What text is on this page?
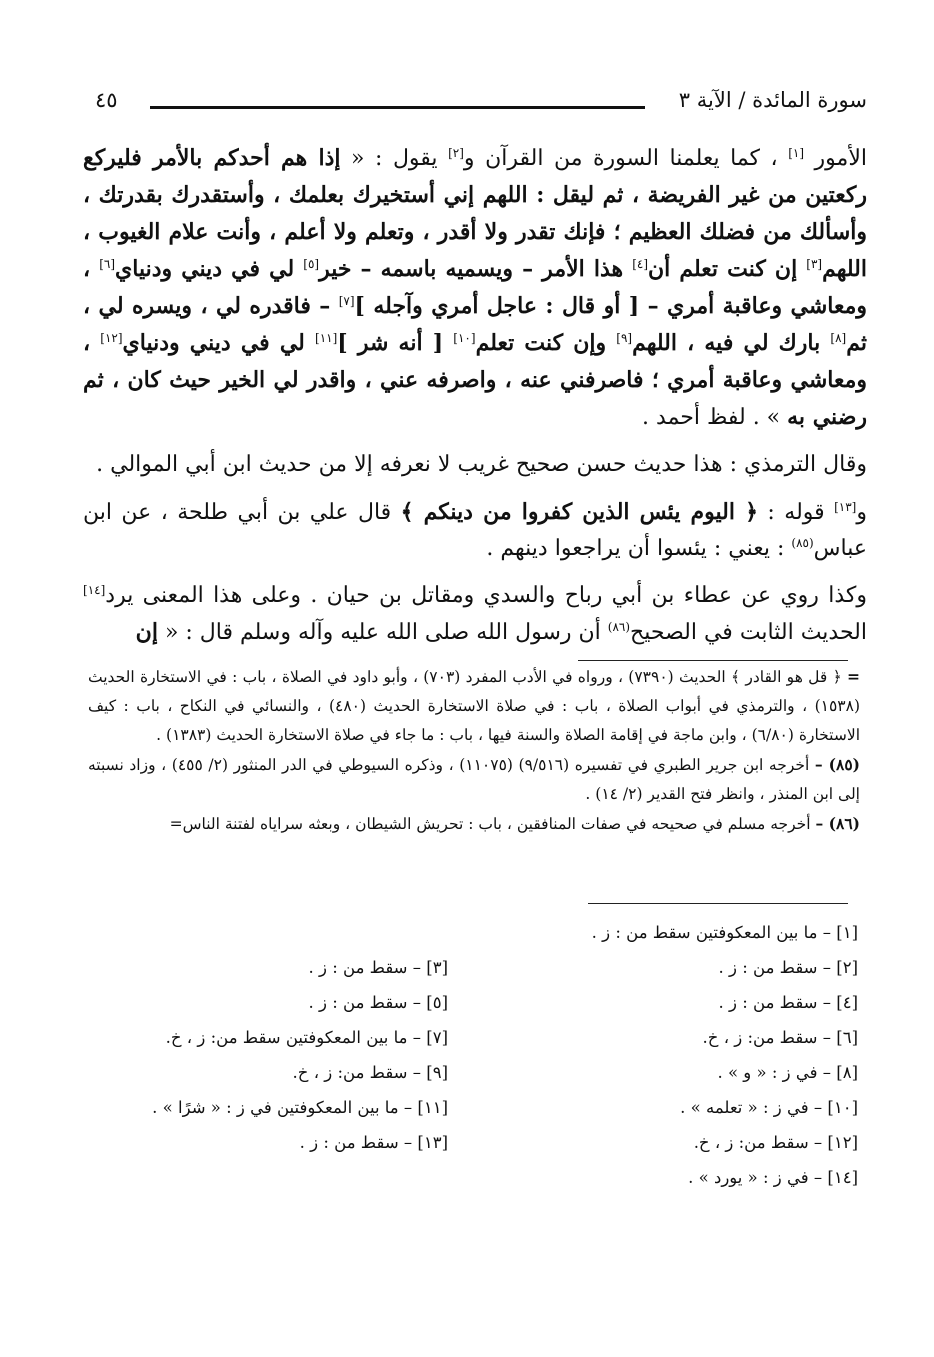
سورة المائدة / الآية ٣
٤٥

الأمور [١] ، كما يعلمنا السورة من القرآن و[٢] يقول : « إذا هم أحدكم بالأمر فليركع ركعتين من غير الفريضة ، ثم ليقل : اللهم إني أستخيرك بعلمك ، وأستقدرك بقدرتك ، وأسألك من فضلك العظيم ؛ فإنك تقدر ولا أقدر ، وتعلم ولا أعلم ، وأنت علام الغيوب ، اللهم[٣] إن كنت تعلم أن[٤] هذا الأمر – ويسميه باسمه – خير[٥] لي في ديني ودنياي[٦] ، ومعاشي وعاقبة أمري – [ أو قال : عاجل أمري وآجله ][٧] – فاقدره لي ، ويسره لي ، ثم[٨] بارك لي فيه ، اللهم[٩] وإن كنت تعلم[١٠] [ أنه شر ][١١] لي في ديني ودنياي[١٢] ، ومعاشي وعاقبة أمري ؛ فاصرفني عنه ، واصرفه عني ، واقدر لي الخير حيث كان ، ثم رضني به » . لفظ أحمد .

وقال الترمذي : هذا حديث حسن صحيح غريب لا نعرفه إلا من حديث ابن أبي الموالي .

و[١٣] قوله : ﴿ اليوم يئس الذين كفروا من دينكم ﴾ قال علي بن أبي طلحة ، عن ابن عباس$^{(٨٥)}$ : يعني : يئسوا أن يراجعوا دينهم .

وكذا روي عن عطاء بن أبي رباح والسدي ومقاتل بن حيان . وعلى هذا المعنى يرد[١٤] الحديث الثابت في الصحيح$^{(٨٦)}$ أن رسول الله صلى الله عليه وآله وسلم قال : « إن

= ﴿ قل هو القادر ﴾ الحديث (٧٣٩٠) ، ورواه في الأدب المفرد (٧٠٣) ، وأبو داود في الصلاة ، باب : في الاستخارة الحديث (١٥٣٨) ، والترمذي في أبواب الصلاة ، باب : في صلاة الاستخارة الحديث (٤٨٠) ، والنسائي في النكاح ، باب : كيف الاستخارة (٦/٨٠) ، وابن ماجة في إقامة الصلاة والسنة فيها ، باب : ما جاء في صلاة الاستخارة الحديث (١٣٨٣) .

(٨٥) – أخرجه ابن جرير الطبري في تفسيره (٩/٥١٦) (١١٠٧٥) ، وذكره السيوطي في الدر المنثور (٢/ ٤٥٥) ، وزاد نسبته إلى ابن المنذر ، وانظر فتح القدير (٢/ ١٤) .

(٨٦) – أخرجه مسلم في صحيحه في صفات المنافقين ، باب : تحريش الشيطان ، وبعثه سراياه لفتنة الناس=

[١] – ما بين المعكوفتين سقط من : ز .
[٢] – سقط من : ز .
[٤] – سقط من : ز .
[٦] – سقط من: ز ، خ.
[٨] – في ز : « و » .
[١٠] – في ز : « تعلمه » .
[١٢] – سقط من: ز ، خ.
[١٤] – في ز : « يورد » .
[٣] – سقط من : ز .
[٥] – سقط من : ز .
[٧] – ما بين المعكوفتين سقط من: ز ، خ.
[٩] – سقط من: ز ، خ.
[١١] – ما بين المعكوفتين في ز : « شرًا » .
[١٣] – سقط من : ز .
